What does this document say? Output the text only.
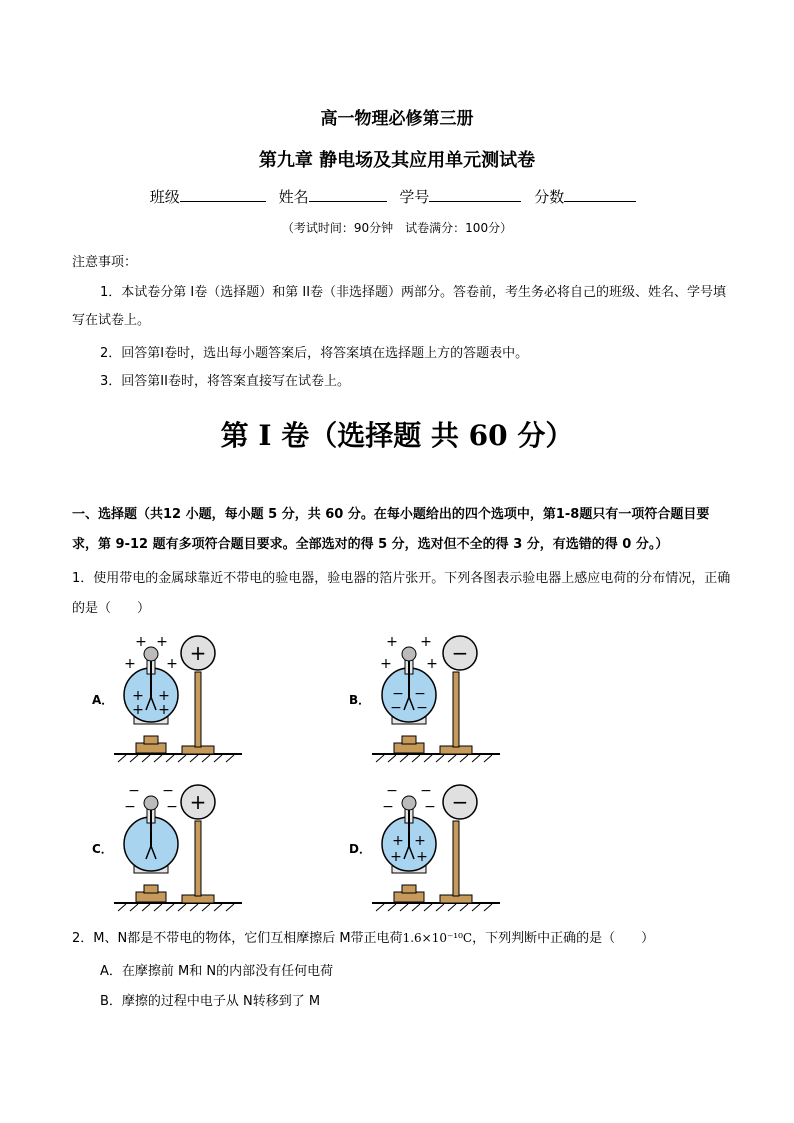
高一物理必修第三册
第九章 静电场及其应用单元测试卷
班级	姓名	学号	分数
（考试时间：90分钟　试卷满分：100分）
注意事项：
1．本试卷分第 I卷（选择题）和第 II卷（非选择题）两部分。答卷前，考生务必将自己的班级、姓名、学号填写在试卷上。
2．回答第I卷时，选出每小题答案后，将答案填在选择题上方的答题表中。
3．回答第II卷时，将答案直接写在试卷上。
第 I 卷（选择题 共 60 分）
一、选择题（共12 小题，每小题 5 分，共 60 分。在每小题给出的四个选项中，第1-8题只有一项符合题目要求，第 9-12 题有多项符合题目要求。全部选对的得 5 分，选对但不全的得 3 分，有选错的得 0 分。）
1．使用带电的金属球靠近不带电的验电器，验电器的箔片张开。下列各图表示验电器上感应电荷的分布情况，正确的是（　　）
A．	B．
C．	D．
+ +
+ +
+ +
+ +
+	+ +
+ +
− −
− −
−
− −
− − +	− −
− −
+ +
+ +
−
2．M、N都是不带电的物体，它们互相摩擦后 M带正电荷1.6×10⁻¹⁰C，下列判断中正确的是（　　）
A．在摩擦前 M和 N的内部没有任何电荷
B．摩擦的过程中电子从 N转移到了 M
